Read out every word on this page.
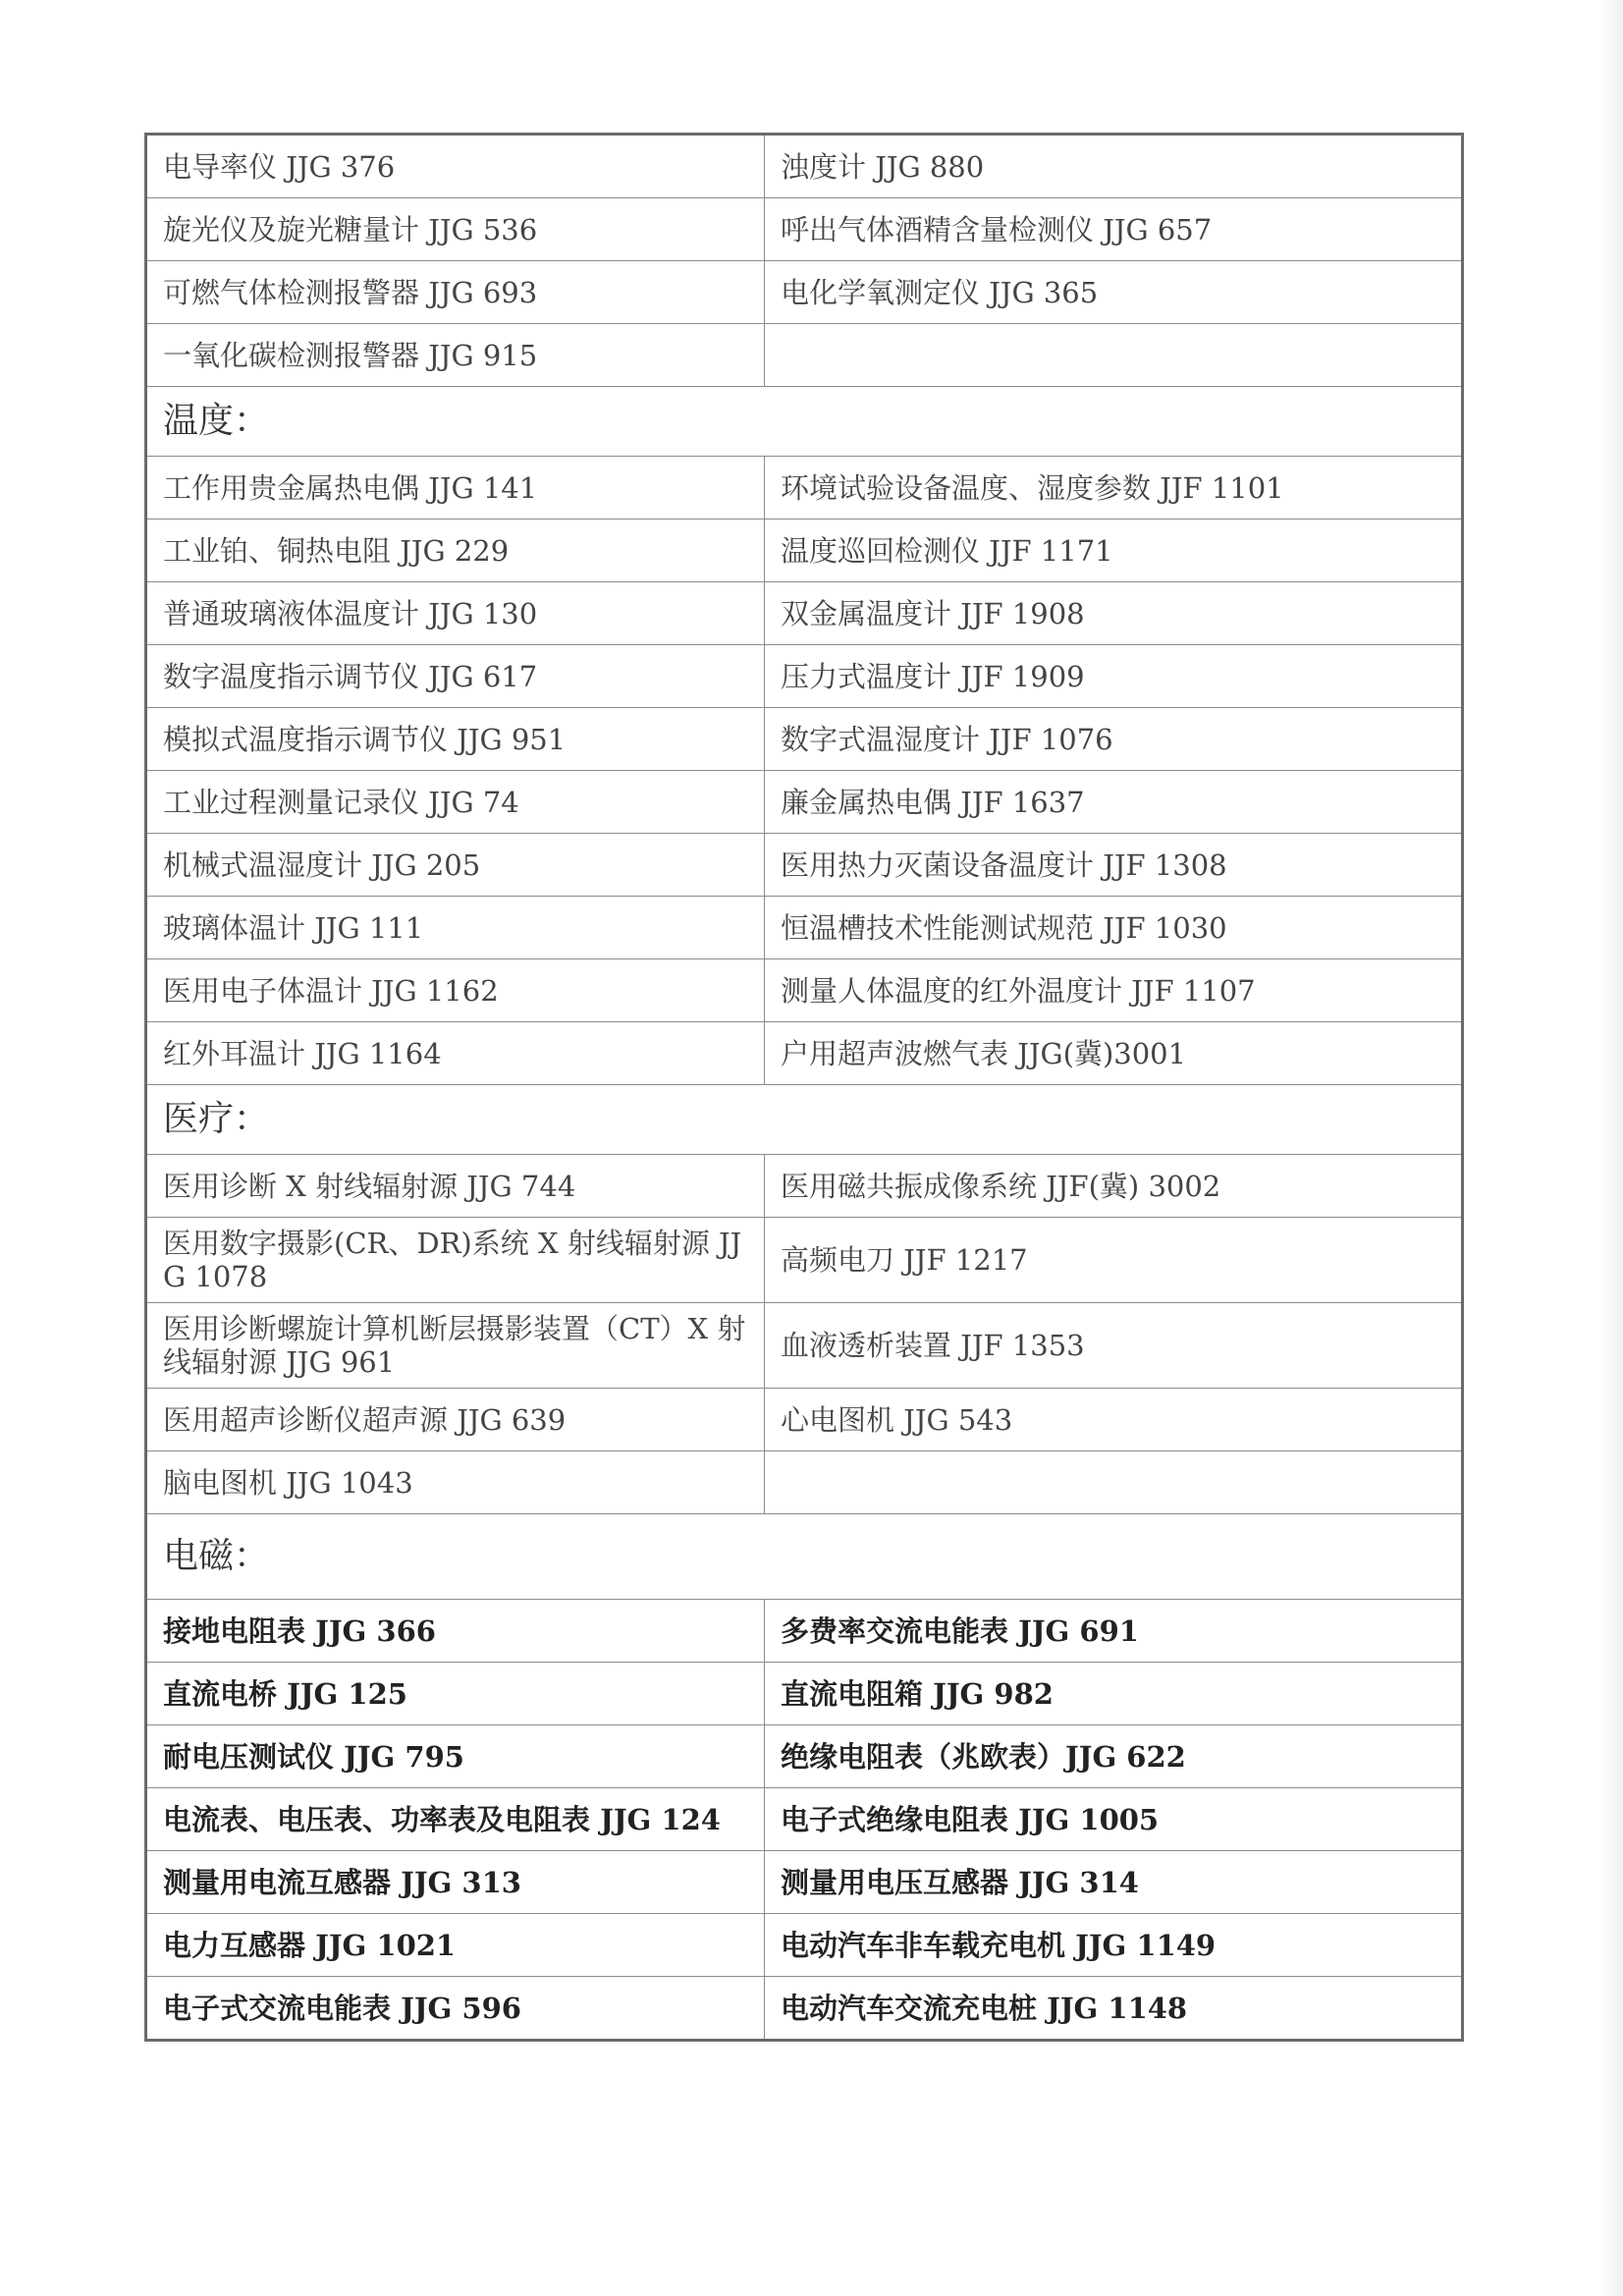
电导率仪 JJG 376	浊度计 JJG 880
旋光仪及旋光糖量计 JJG 536	呼出气体酒精含量检测仪 JJG 657
可燃气体检测报警器 JJG 693	电化学氧测定仪 JJG 365
一氧化碳检测报警器 JJG 915	
温度：	
工作用贵金属热电偶 JJG 141	环境试验设备温度、湿度参数 JJF 1101
工业铂、铜热电阻 JJG 229	温度巡回检测仪 JJF 1171
普通玻璃液体温度计 JJG 130	双金属温度计 JJF 1908
数字温度指示调节仪 JJG 617	压力式温度计 JJF 1909
模拟式温度指示调节仪 JJG 951	数字式温湿度计 JJF 1076
工业过程测量记录仪 JJG 74	廉金属热电偶 JJF 1637
机械式温湿度计 JJG 205	医用热力灭菌设备温度计 JJF 1308
玻璃体温计 JJG 111	恒温槽技术性能测试规范 JJF 1030
医用电子体温计 JJG 1162	测量人体温度的红外温度计 JJF 1107
红外耳温计 JJG 1164	户用超声波燃气表 JJG(冀)3001
医疗：	
医用诊断 X 射线辐射源 JJG 744	医用磁共振成像系统 JJF(冀) 3002
医用数字摄影(CR、DR)系统 X 射线辐射源 JJG 1078	高频电刀 JJF 1217
医用诊断螺旋计算机断层摄影装置（CT）X 射线辐射源 JJG 961	血液透析装置 JJF 1353
医用超声诊断仪超声源 JJG 639	心电图机 JJG 543
脑电图机 JJG 1043	
电磁：	
接地电阻表 JJG 366	多费率交流电能表 JJG 691
直流电桥 JJG 125	直流电阻箱 JJG 982
耐电压测试仪 JJG 795	绝缘电阻表（兆欧表）JJG 622
电流表、电压表、功率表及电阻表 JJG 124	电子式绝缘电阻表 JJG 1005
测量用电流互感器 JJG 313	测量用电压互感器 JJG 314
电力互感器 JJG 1021	电动汽车非车载充电机 JJG 1149
电子式交流电能表 JJG 596	电动汽车交流充电桩 JJG 1148
